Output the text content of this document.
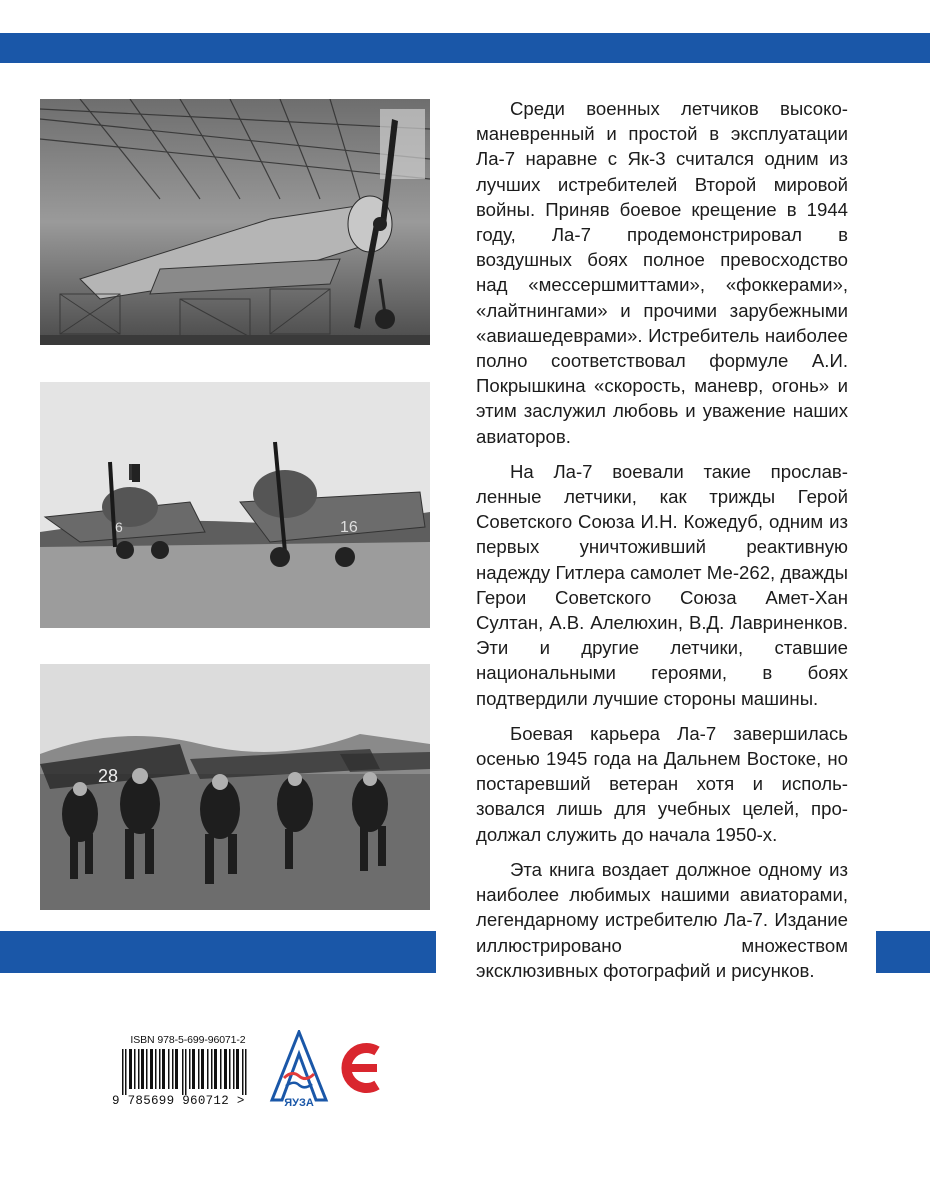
6	16
28

Среди военных летчиков высокоманевренный и простой в эксплуатации Ла-7 наравне с Як-3 считался одним из лучших истребителей Второй мировой войны. Приняв боевое крещение в 1944 году, Ла-7 продемонстрировал в воздушных боях полное превосходство над «мессершмиттами», «фоккерами», «лайтнингами» и прочими зарубежными «авиашедеврами». Истребитель наиболее полно соответствовал формуле А.И. Покрышкина «скорость, маневр, огонь» и этим заслужил любовь и уважение наших авиаторов.

На Ла-7 воевали такие прославленные летчики, как трижды Герой Советского Союза И.Н. Кожедуб, одним из первых уничтоживший реактивную надежду Гитлера самолет Ме-262, дважды Герои Советского Союза Амет-Хан Султан, А.В. Алелюхин, В.Д. Лавриненков. Эти и другие летчики, ставшие национальными героями, в боях подтвердили лучшие стороны машины.

Боевая карьера Ла-7 завершилась осенью 1945 года на Дальнем Востоке, но постаревший ветеран хотя и использовался лишь для учебных целей, продолжал служить до начала 1950-х.

Эта книга воздает должное одному из наиболее любимых нашими авиаторами, легендарному истребителю Ла-7. Издание иллюстрировано множеством эксклюзивных фотографий и рисунков.

ISBN 978-5-699-96071-2
9 785699 960712 >	ЯУЗА
